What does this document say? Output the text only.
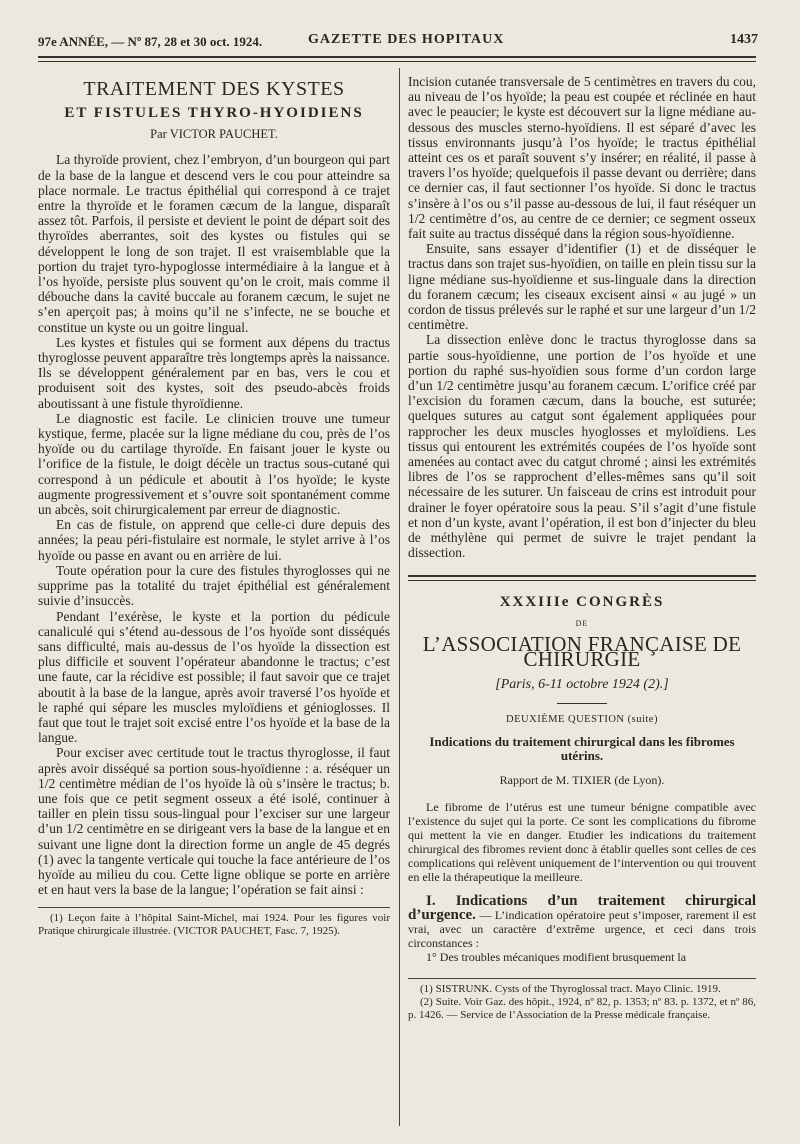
97e ANNÉE, — Nº 87, 28 et 30 oct. 1924.	GAZETTE DES HOPITAUX	1437
TRAITEMENT DES KYSTES
ET FISTULES THYRO-HYOIDIENS
Par VICTOR PAUCHET.

La thyroïde provient, chez l’embryon, d’un bourgeon qui part de la base de la langue et descend vers le cou pour atteindre sa place normale. Le tractus épithélial qui correspond à ce trajet entre la thyroïde et le foramen cæcum de la langue, disparaît assez tôt. Parfois, il persiste et devient le point de départ soit des thyroïdes aberrantes, soit des kystes ou fistules qui se développent le long de son trajet. Il est vraisemblable que la portion du trajet tyro-hypoglosse intermédiaire à la langue et à l’os hyoïde, persiste plus souvent qu’on le croit, mais comme il débouche dans la cavité buccale au foranem cæcum, le sujet ne s’en aperçoit pas; à moins qu’il ne s’infecte, ne se bouche et constitue un kyste ou un goitre lingual.

Les kystes et fistules qui se forment aux dépens du tractus thyroglosse peuvent apparaître très longtemps après la naissance. Ils se développent généralement par en bas, vers le cou et produisent soit des kystes, soit des pseudo-abcès froids aboutissant à une fistule thyroïdienne.

Le diagnostic est facile. Le clinicien trouve une tumeur kystique, ferme, placée sur la ligne médiane du cou, près de l’os hyoïde ou du cartilage thyroïde. En faisant jouer le kyste ou l’orifice de la fistule, le doigt décèle un tractus sous-cutané qui correspond à un pédicule et aboutit à l’os hyoïde; le kyste augmente progressivement et s’ouvre soit spontanément comme un abcès, soit chirurgicalement par erreur de diagnostic.

En cas de fistule, on apprend que celle-ci dure depuis des années; la peau péri-fistulaire est normale, le stylet arrive à l’os hyoïde ou passe en avant ou en arrière de lui.

Toute opération pour la cure des fistules thyroglosses qui ne supprime pas la totalité du trajet épithélial est généralement suivie d’insuccès.

Pendant l’exérèse, le kyste et la portion du pédicule canaliculé qui s’étend au-dessous de l’os hyoïde sont disséqués sans difficulté, mais au-dessus de l’os hyoïde la dissection est plus difficile et souvent l’opérateur abandonne le tractus; c’est une faute, car la récidive est possible; il faut savoir que ce trajet aboutit à la base de la langue, après avoir traversé l’os hyoïde et le raphé qui sépare les muscles myloïdiens et génioglosses. Il faut que tout le trajet soit excisé entre l’os hyoïde et la base de la langue.

Pour exciser avec certitude tout le tractus thyroglosse, il faut après avoir disséqué sa portion sous-hyoïdienne : a. réséquer un 1/2 centimètre médian de l’os hyoïde là où s’insère le tractus; b. une fois que ce petit segment osseux a été isolé, continuer à tailler en plein tissu sous-lingual pour l’exciser sur une largeur d’un 1/2 centimètre en se dirigeant vers la base de la langue et en suivant une ligne dont la direction forme un angle de 45 degrés (1) avec la tangente verticale qui touche la face antérieure de l’os hyoïde au milieu du cou. Cette ligne oblique se porte en arrière et en haut vers la base de la langue; l’opération se fait ainsi :

(1) Leçon faite à l’hôpital Saint-Michel, mai 1924. Pour les figures voir Pratique chirurgicale illustrée. (VICTOR PAUCHET, Fasc. 7, 1925).

Incision cutanée transversale de 5 centimètres en travers du cou, au niveau de l’os hyoïde; la peau est coupée et réclinée en haut avec le peaucier; le kyste est découvert sur la ligne médiane au-dessous des muscles sterno-hyoïdiens. Il est séparé d’avec les tissus environnants jusqu’à l’os hyoïde; le tractus épithélial atteint ces os et paraît souvent s’y insérer; en réalité, il passe à travers l’os hyoïde; quelquefois il passe devant ou derrière; dans ce dernier cas, il faut sectionner l’os hyoïde. Si donc le tractus s’insère à l’os ou s’il passe au-dessous de lui, il faut réséquer un 1/2 centimètre d’os, au centre de ce dernier; ce segment osseux fait suite au tractus disséqué dans la région sous-hyoïdienne.

Ensuite, sans essayer d’identifier (1) et de disséquer le tractus dans son trajet sus-hyoïdien, on taille en plein tissu sur la ligne médiane sus-hyoïdienne et sus-linguale dans la direction du foranem cæcum; les ciseaux excisent ainsi « au jugé » un cordon de tissus prélevés sur le raphé et sur une largeur d’un 1/2 centimètre.

La dissection enlève donc le tractus thyroglosse dans sa partie sous-hyoïdienne, une portion de l’os hyoïde et une portion du raphé sus-hyoïdien sous forme d’un cordon large d’un 1/2 centimètre jusqu’au foranem cæcum. L’orifice créé par l’excision du foramen cæcum, dans la bouche, est suturée; quelques sutures au catgut sont également appliquées pour rapprocher les deux muscles hyoglosses et myloïdiens. Les tissus qui entourent les extrémités coupées de l’os hyoïde sont amenées au contact avec du catgut chromé ; ainsi les extrémités libres de l’os se rapprochent d’elles-mêmes sans qu’il soit nécessaire de les suturer. Un faisceau de crins est introduit pour drainer le foyer opératoire sous la peau. S’il s’agit d’une fistule et non d’un kyste, avant l’opération, il est bon d’injecter du bleu de méthylène qui permet de suivre le trajet pendant la dissection.

XXXIIIe CONGRÈS
DE
L’ASSOCIATION FRANÇAISE DE CHIRURGIE
[Paris, 6-11 octobre 1924 (2).]
DEUXIÈME QUESTION (suite)
Indications du traitement chirurgical dans les fibromes utérins.
Rapport de M. TIXIER (de Lyon).

Le fibrome de l’utérus est une tumeur bénigne compatible avec l’existence du sujet qui la porte. Ce sont les complications du fibrome qui mettent la vie en danger. Etudier les indications du traitement chirurgical des fibromes revient donc à établir quelles sont celles de ces complications qui relèvent uniquement de l’intervention ou qui trouvent en elle la thérapeutique la meilleure.

I. Indications d’un traitement chirurgical d’urgence. — L’indication opératoire peut s’imposer, rarement il est vrai, avec un caractère d’extrême urgence, et ceci dans trois circonstances :

1° Des troubles mécaniques modifient brusquement la

(1) SISTRUNK. Cysts of the Thyroglossal tract. Mayo Clinic. 1919.

(2) Suite. Voir Gaz. des hôpit., 1924, nº 82, p. 1353; nº 83. p. 1372, et nº 86, p. 1426. — Service de l’Association de la Presse médicale française.
